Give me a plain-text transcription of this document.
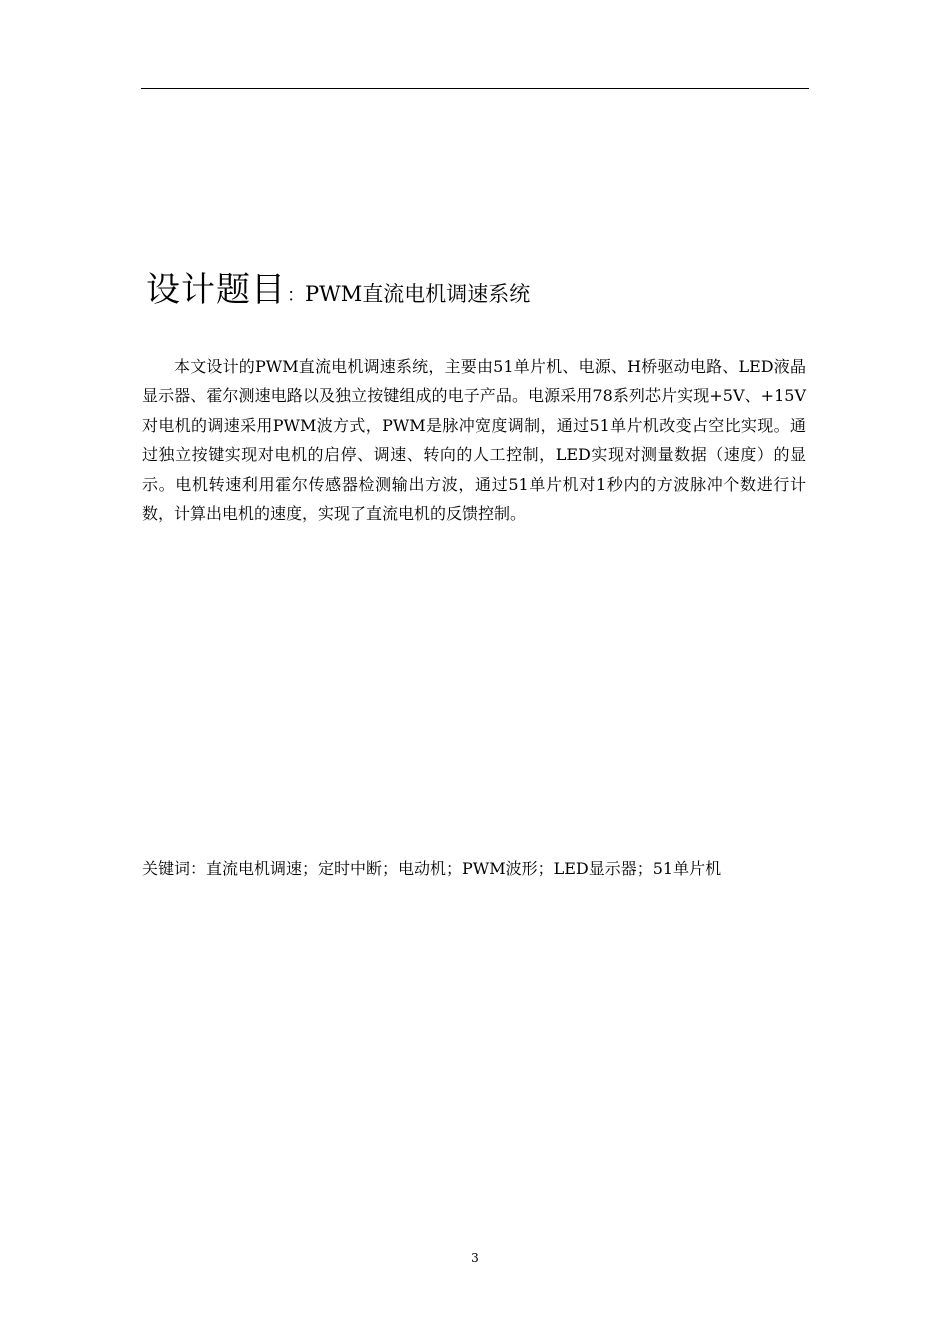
设计题目：PWM直流电机调速系统

本文设计的PWM直流电机调速系统，主要由51单片机、电源、H桥驱动电路、LED液晶显示器、霍尔测速电路以及独立按键组成的电子产品。电源采用78系列芯片实现+5V、+15V对电机的调速采用PWM波方式，PWM是脉冲宽度调制，通过51单片机改变占空比实现。通过独立按键实现对电机的启停、调速、转向的人工控制，LED实现对测量数据（速度）的显示。电机转速利用霍尔传感器检测输出方波，通过51单片机对1秒内的方波脉冲个数进行计数，计算出电机的速度，实现了直流电机的反馈控制。

关键词：直流电机调速；定时中断；电动机；PWM波形；LED显示器；51单片机

3
